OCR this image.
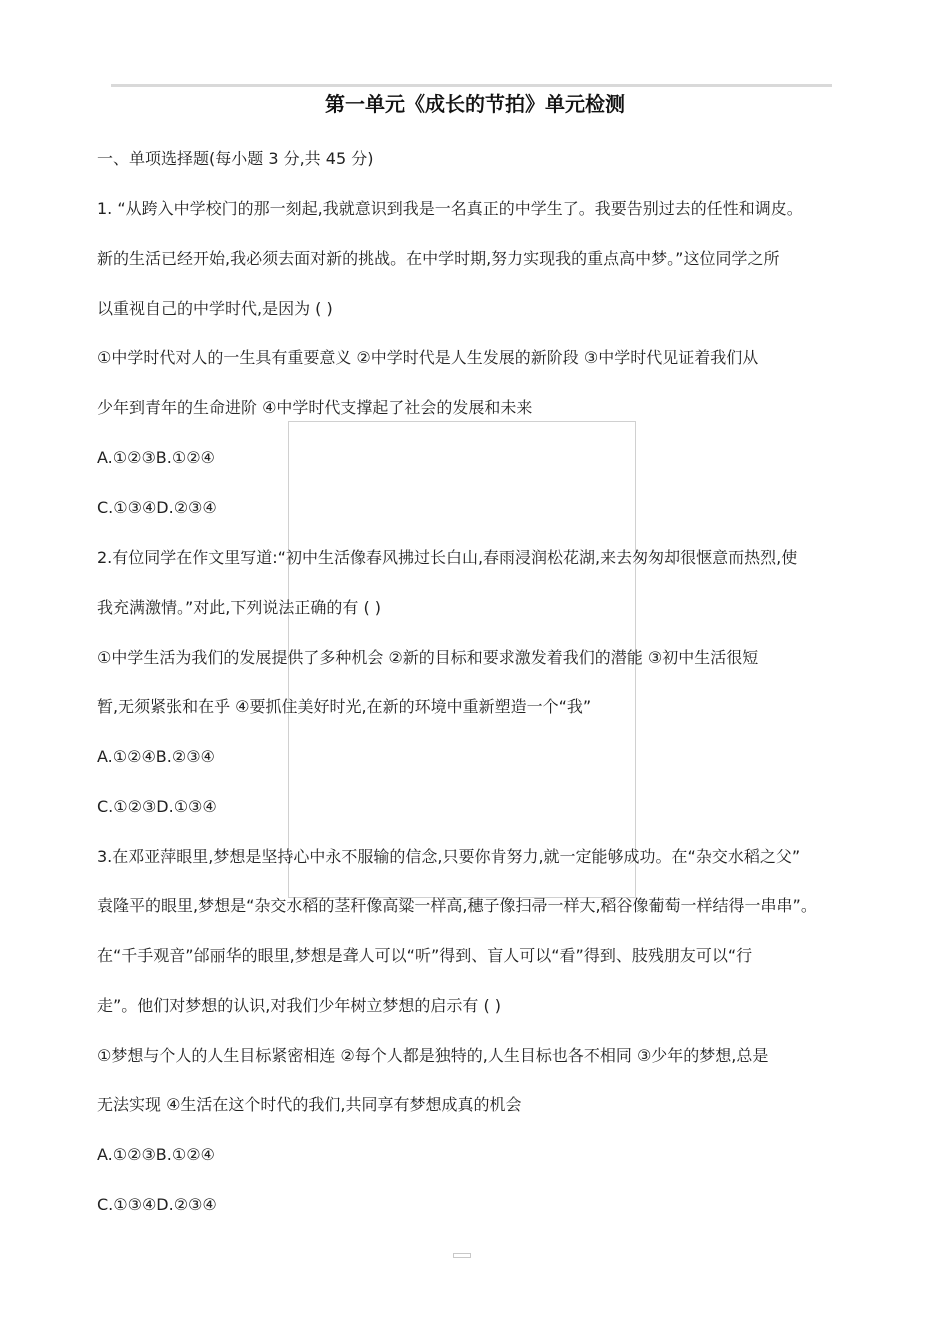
第一单元《成长的节拍》单元检测
一、单项选择题(每小题 3 分,共 45 分)
1. “从跨入中学校门的那一刻起,我就意识到我是一名真正的中学生了。我要告别过去的任性和调皮。
新的生活已经开始,我必须去面对新的挑战。在中学时期,努力实现我的重点高中梦。”这位同学之所
以重视自己的中学时代,是因为 ( )
①中学时代对人的一生具有重要意义 ②中学时代是人生发展的新阶段 ③中学时代见证着我们从
少年到青年的生命进阶 ④中学时代支撑起了社会的发展和未来
A.①②③B.①②④
C.①③④D.②③④
2.有位同学在作文里写道:“初中生活像春风拂过长白山,春雨浸润松花湖,来去匆匆却很惬意而热烈,使
我充满激情。”对此,下列说法正确的有 ( )
①中学生活为我们的发展提供了多种机会 ②新的目标和要求激发着我们的潜能 ③初中生活很短
暂,无须紧张和在乎 ④要抓住美好时光,在新的环境中重新塑造一个“我”
A.①②④B.②③④
C.①②③D.①③④
3.在邓亚萍眼里,梦想是坚持心中永不服输的信念,只要你肯努力,就一定能够成功。在“杂交水稻之父”
袁隆平的眼里,梦想是“杂交水稻的茎秆像高粱一样高,穗子像扫帚一样大,稻谷像葡萄一样结得一串串”。
在“千手观音”邰丽华的眼里,梦想是聋人可以“听”得到、盲人可以“看”得到、肢残朋友可以“行
走”。他们对梦想的认识,对我们少年树立梦想的启示有 ( )
①梦想与个人的人生目标紧密相连 ②每个人都是独特的,人生目标也各不相同 ③少年的梦想,总是
无法实现 ④生活在这个时代的我们,共同享有梦想成真的机会
A.①②③B.①②④
C.①③④D.②③④
